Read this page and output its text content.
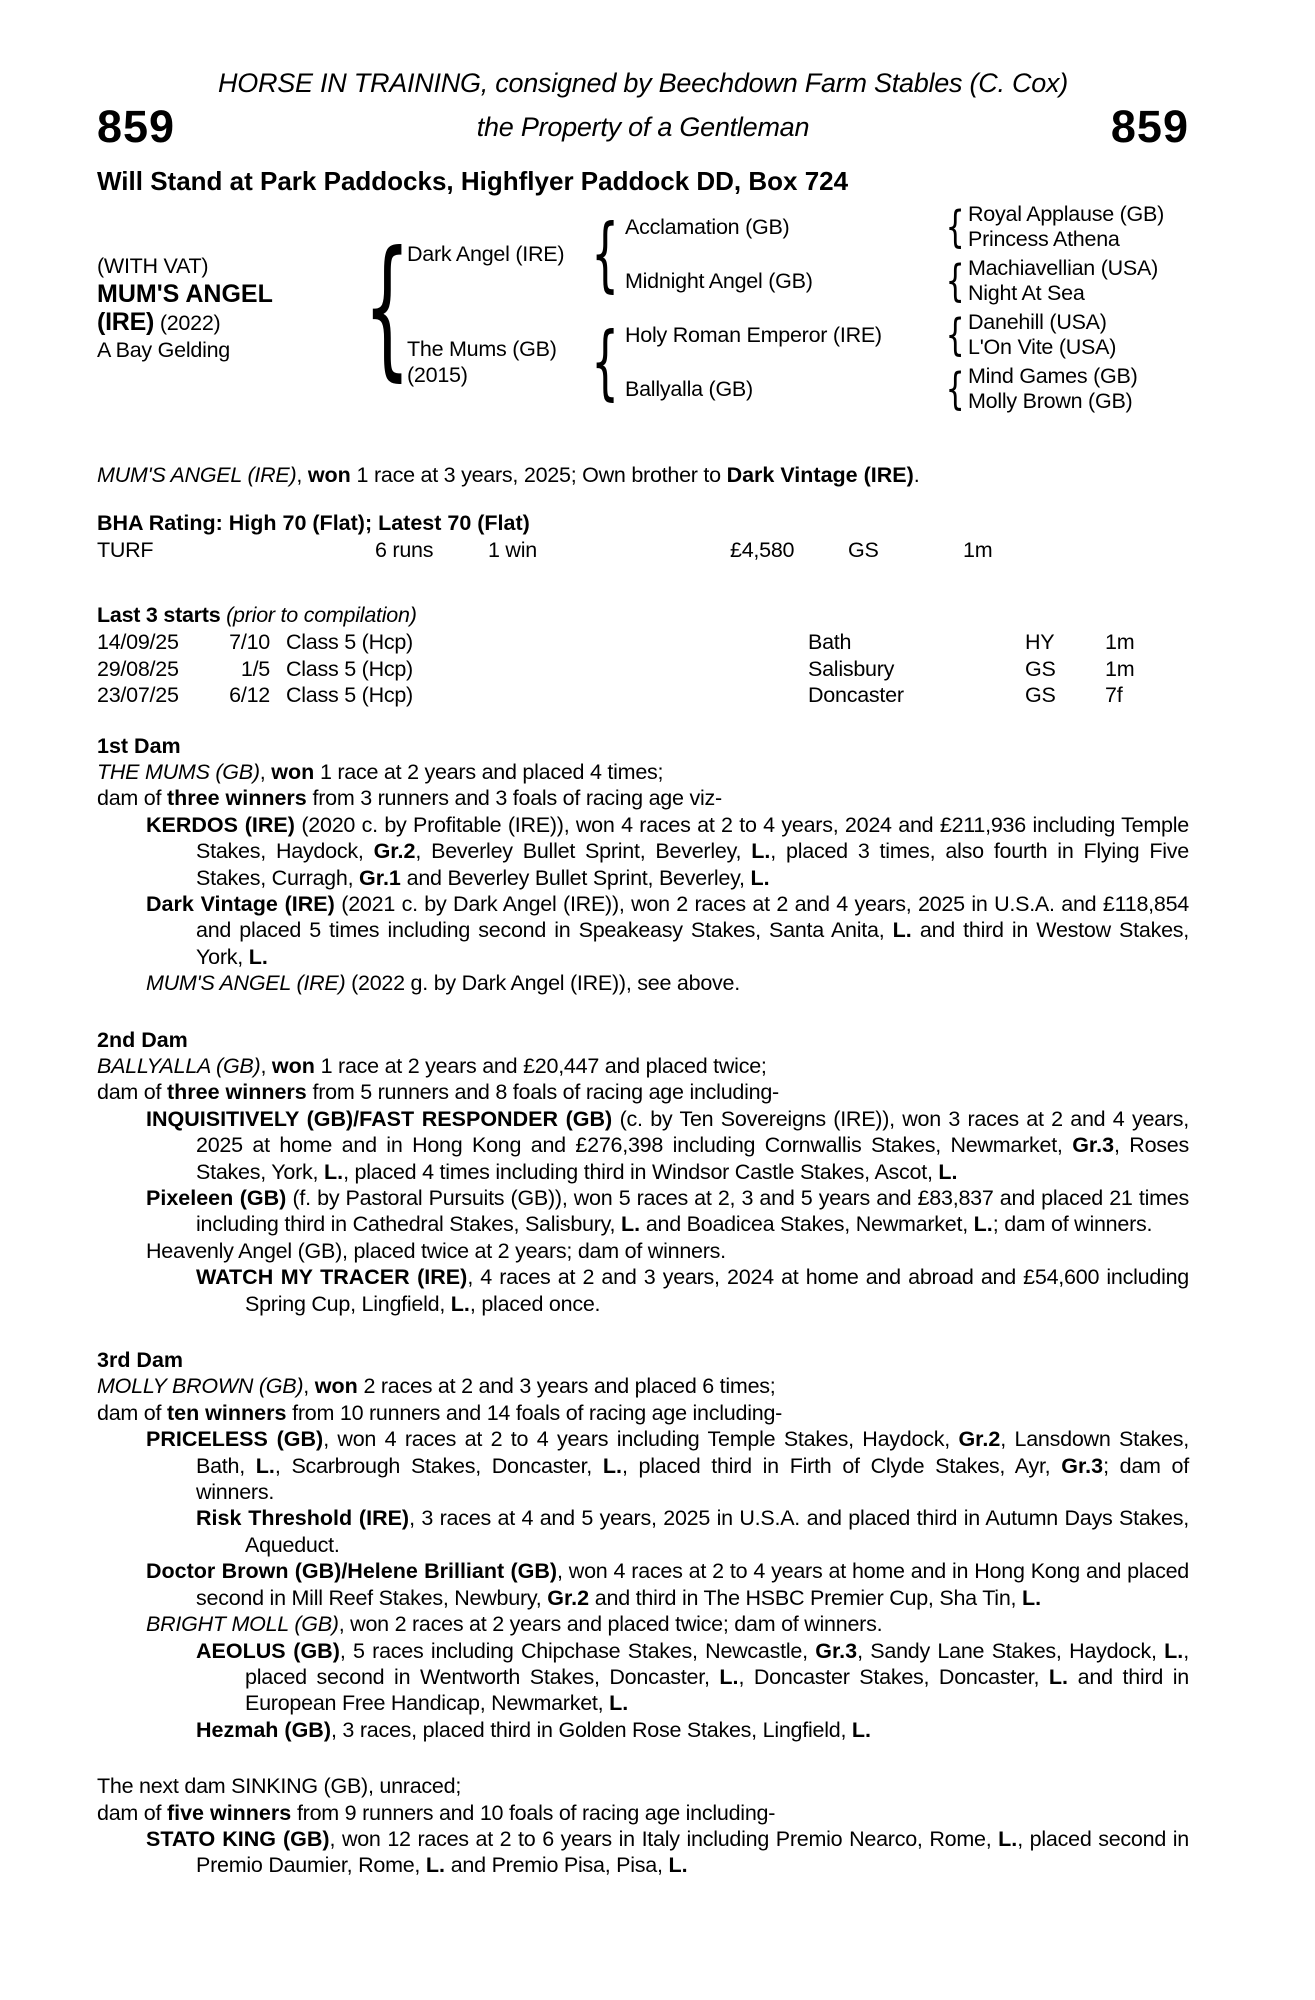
HORSE IN TRAINING, consigned by Beechdown Farm Stables (C. Cox)
859	the Property of a Gentleman	859
Will Stand at Park Paddocks, Highflyer Paddock DD, Box 724
(WITH VAT)
MUM'S ANGEL
(IRE) (2022)
A Bay Gelding	{
Dark Angel (IRE) { Acclamation (GB)	{ Royal Applause (GB)
Princess Athena
Midnight Angel (GB)	{ Machiavellian (USA)
Night At Sea
The Mums (GB)
(2015)	{ Holy Roman Emperor (IRE)	{ Danehill (USA)
L'On Vite (USA)
Ballyalla (GB)	{ Mind Games (GB)
Molly Brown (GB)
MUM'S ANGEL (IRE), won 1 race at 3 years, 2025; Own brother to Dark Vintage (IRE).
BHA Rating: High 70 (Flat); Latest 70 (Flat)
TURF	6 runs	1 win	£4,580	GS	1m
Last 3 starts (prior to compilation)
14/09/25	7/10 Class 5 (Hcp)	Bath	HY	1m
29/08/25	1/5 Class 5 (Hcp)	Salisbury	GS	1m
23/07/25	6/12 Class 5 (Hcp)	Doncaster	GS	7f
1st Dam

THE MUMS (GB), won 1 race at 2 years and placed 4 times;

dam of three winners from 3 runners and 3 foals of racing age viz-

KERDOS (IRE) (2020 c. by Profitable (IRE)), won 4 races at 2 to 4 years, 2024 and £211,936 including Temple Stakes, Haydock, Gr.2, Beverley Bullet Sprint, Beverley, L., placed 3 times, also fourth in Flying Five Stakes, Curragh, Gr.1 and Beverley Bullet Sprint, Beverley, L.

Dark Vintage (IRE) (2021 c. by Dark Angel (IRE)), won 2 races at 2 and 4 years, 2025 in U.S.A. and £118,854 and placed 5 times including second in Speakeasy Stakes, Santa Anita, L. and third in Westow Stakes, York, L.

MUM'S ANGEL (IRE) (2022 g. by Dark Angel (IRE)), see above.

2nd Dam

BALLYALLA (GB), won 1 race at 2 years and £20,447 and placed twice;

dam of three winners from 5 runners and 8 foals of racing age including-

INQUISITIVELY (GB)/FAST RESPONDER (GB) (c. by Ten Sovereigns (IRE)), won 3 races at 2 and 4 years, 2025 at home and in Hong Kong and £276,398 including Cornwallis Stakes, Newmarket, Gr.3, Roses Stakes, York, L., placed 4 times including third in Windsor Castle Stakes, Ascot, L.

Pixeleen (GB) (f. by Pastoral Pursuits (GB)), won 5 races at 2, 3 and 5 years and £83,837 and placed 21 times including third in Cathedral Stakes, Salisbury, L. and Boadicea Stakes, Newmarket, L.; dam of winners.

Heavenly Angel (GB), placed twice at 2 years; dam of winners.

WATCH MY TRACER (IRE), 4 races at 2 and 3 years, 2024 at home and abroad and £54,600 including Spring Cup, Lingfield, L., placed once.

3rd Dam

MOLLY BROWN (GB), won 2 races at 2 and 3 years and placed 6 times;

dam of ten winners from 10 runners and 14 foals of racing age including-

PRICELESS (GB), won 4 races at 2 to 4 years including Temple Stakes, Haydock, Gr.2, Lansdown Stakes, Bath, L., Scarbrough Stakes, Doncaster, L., placed third in Firth of Clyde Stakes, Ayr, Gr.3; dam of winners.

Risk Threshold (IRE), 3 races at 4 and 5 years, 2025 in U.S.A. and placed third in Autumn Days Stakes, Aqueduct.

Doctor Brown (GB)/Helene Brilliant (GB), won 4 races at 2 to 4 years at home and in Hong Kong and placed second in Mill Reef Stakes, Newbury, Gr.2 and third in The HSBC Premier Cup, Sha Tin, L.

BRIGHT MOLL (GB), won 2 races at 2 years and placed twice; dam of winners.

AEOLUS (GB), 5 races including Chipchase Stakes, Newcastle, Gr.3, Sandy Lane Stakes, Haydock, L., placed second in Wentworth Stakes, Doncaster, L., Doncaster Stakes, Doncaster, L. and third in European Free Handicap, Newmarket, L.

Hezmah (GB), 3 races, placed third in Golden Rose Stakes, Lingfield, L.

The next dam SINKING (GB), unraced;

dam of five winners from 9 runners and 10 foals of racing age including-

STATO KING (GB), won 12 races at 2 to 6 years in Italy including Premio Nearco, Rome, L., placed second in Premio Daumier, Rome, L. and Premio Pisa, Pisa, L.
